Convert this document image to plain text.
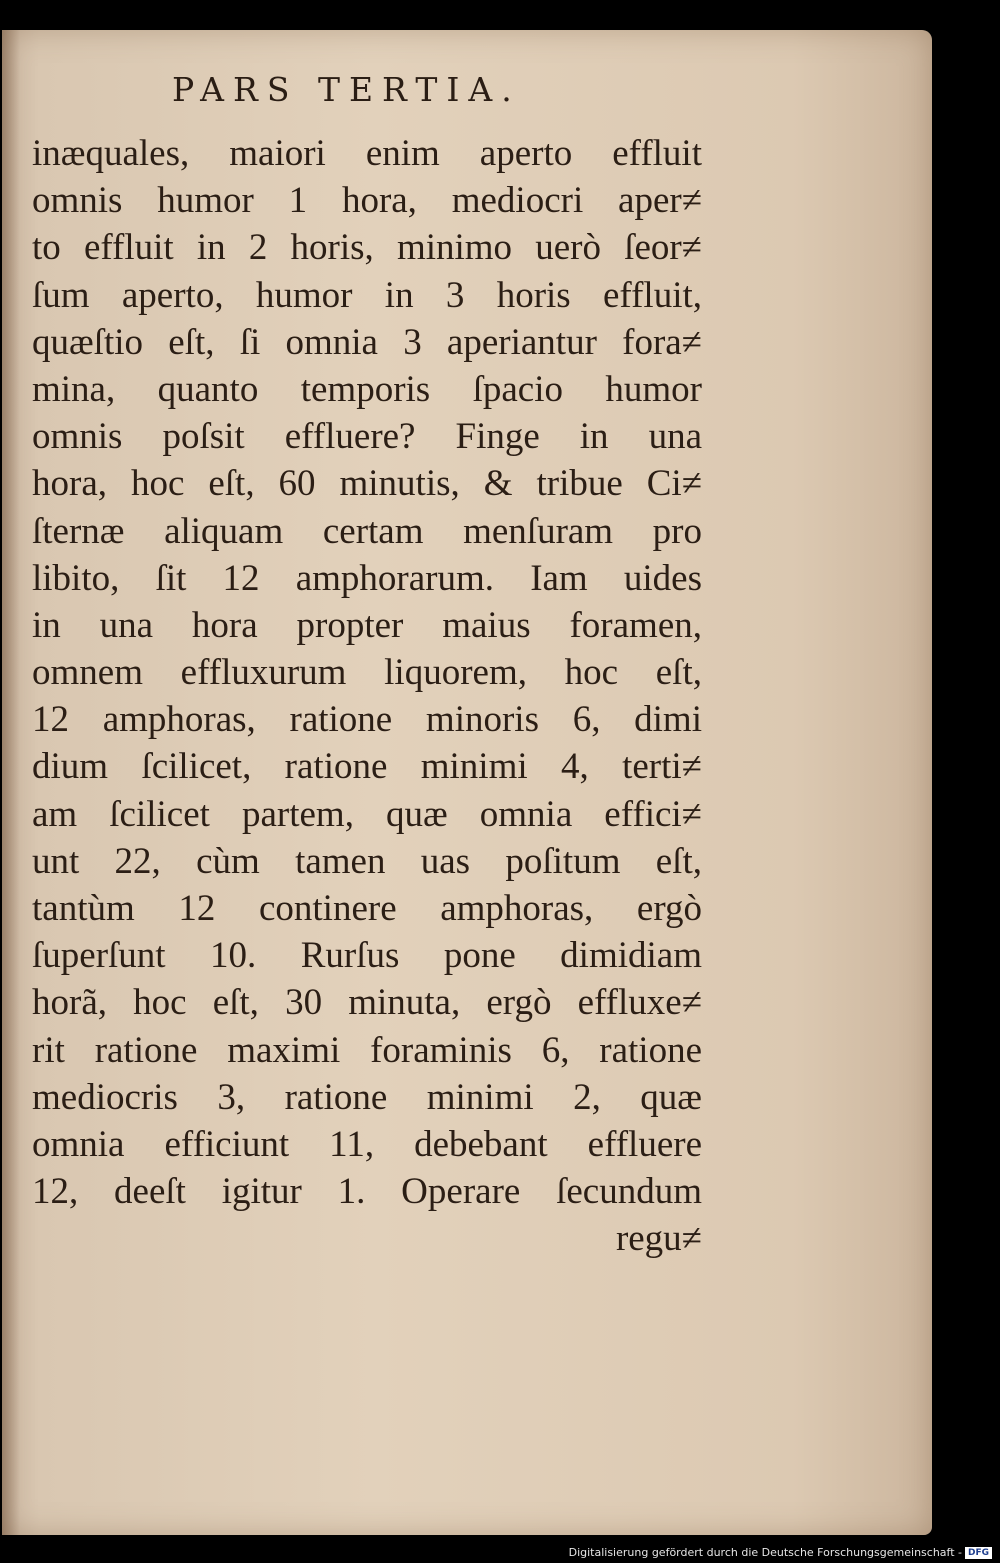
PARS TERTIA.
inæquales, maiori enim aperto effluit
omnis humor 1 hora, mediocri aper≠
to effluit in 2 horis, minimo uerò ſeor≠
ſum aperto, humor in 3 horis effluit,
quæſtio eſt, ſi omnia 3 aperiantur fora≠
mina, quanto temporis ſpacio humor
omnis poſsit effluere? Finge in una
hora, hoc eſt, 60 minutis, & tribue Ci≠
ſternæ aliquam certam menſuram pro
libito, ſit 12 amphorarum. Iam uides
in una hora propter maius foramen,
omnem effluxurum liquorem, hoc eſt,
12 amphoras, ratione minoris 6, dimi
dium ſcilicet, ratione minimi 4, terti≠
am ſcilicet partem, quæ omnia effici≠
unt 22, cùm tamen uas poſitum eſt,
tantùm 12 continere amphoras, ergò
ſuperſunt 10. Rurſus pone dimidiam
horã, hoc eſt, 30 minuta, ergò effluxe≠
rit ratione maximi foraminis 6, ratione
mediocris 3, ratione minimi 2, quæ
omnia efficiunt 11, debebant effluere
12, deeſt igitur 1. Operare ſecundum
regu≠
Digitalisierung gefördert durch die Deutsche Forschungsgemeinschaft - DFG
